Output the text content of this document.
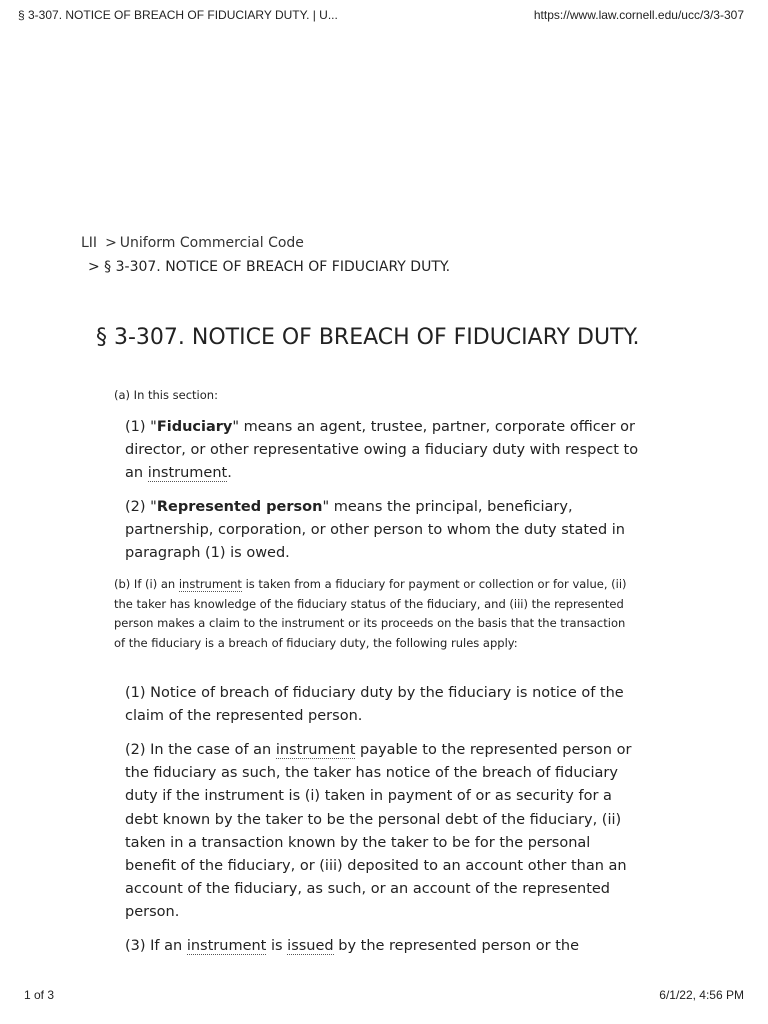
§ 3-307. NOTICE OF BREACH OF FIDUCIARY DUTY. | U...	https://www.law.cornell.edu/ucc/3/3-307
LII > Uniform Commercial Code
> § 3-307. NOTICE OF BREACH OF FIDUCIARY DUTY.
§ 3-307. NOTICE OF BREACH OF FIDUCIARY DUTY.

(a) In this section:

(1) "Fiduciary" means an agent, trustee, partner, corporate officer or director, or other representative owing a fiduciary duty with respect to an instrument.

(2) "Represented person" means the principal, beneficiary, partnership, corporation, or other person to whom the duty stated in paragraph (1) is owed.

(b) If (i) an instrument is taken from a fiduciary for payment or collection or for value, (ii) the taker has knowledge of the fiduciary status of the fiduciary, and (iii) the represented person makes a claim to the instrument or its proceeds on the basis that the transaction of the fiduciary is a breach of fiduciary duty, the following rules apply:

(1) Notice of breach of fiduciary duty by the fiduciary is notice of the claim of the represented person.

(2) In the case of an instrument payable to the represented person or the fiduciary as such, the taker has notice of the breach of fiduciary duty if the instrument is (i) taken in payment of or as security for a debt known by the taker to be the personal debt of the fiduciary, (ii) taken in a transaction known by the taker to be for the personal benefit of the fiduciary, or (iii) deposited to an account other than an account of the fiduciary, as such, or an account of the represented person.

(3) If an instrument is issued by the represented person or the

1 of 3	6/1/22, 4:56 PM
